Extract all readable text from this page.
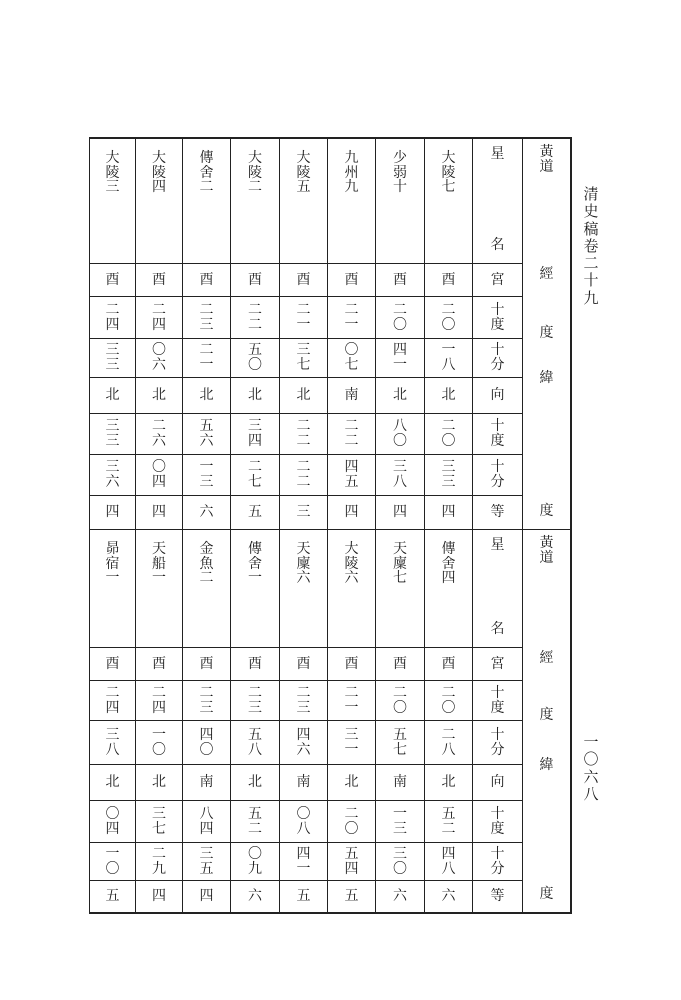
清
史
稿
卷
二
十
九
一
〇
六
八
大
陵
七
少
弱
十
九
州
九
大
陵
五
大
陵
二
傳
舍
二
大
陵
四
大
陵
三
酉
二
〇
一
八
北
二
〇
三
三
四
酉
二
〇
四
一
北
八
〇
三
八
四
酉
二
一
〇
七
南
二
二
四
五
四
酉
二
一
三
七
北
二
二
二
二
三
酉
二
二
五
〇
北
三
四
二
七
五
酉
二
三
二
一
北
五
六
一
三
六
酉
二
四
〇
六
北
二
六
〇
四
四
酉
二
四
三
三
北
三
三
三
六
四
星
名
宮
十
度
十
分
向
十
度
十
分
等
黃
道
經
度
緯
度
傳
舍
四
天
廩
七
大
陵
六
天
廩
六
傳
舍
一
金
魚
二
天
船
一
昴
宿
一
酉
二
〇
二
八
北
五
二
四
八
六
酉
二
〇
五
七
南
一
三
三
〇
六
酉
二
一
三
一
北
二
〇
五
四
五
酉
二
三
四
六
南
〇
八
四
一
五
酉
二
三
五
八
北
五
二
〇
九
六
酉
二
三
四
〇
南
八
四
三
五
四
酉
二
四
一
〇
北
三
七
二
九
四
酉
二
四
三
八
北
〇
四
一
〇
五
星
名
宮
十
度
十
分
向
十
度
十
分
等
黃
道
經
度
緯
度
